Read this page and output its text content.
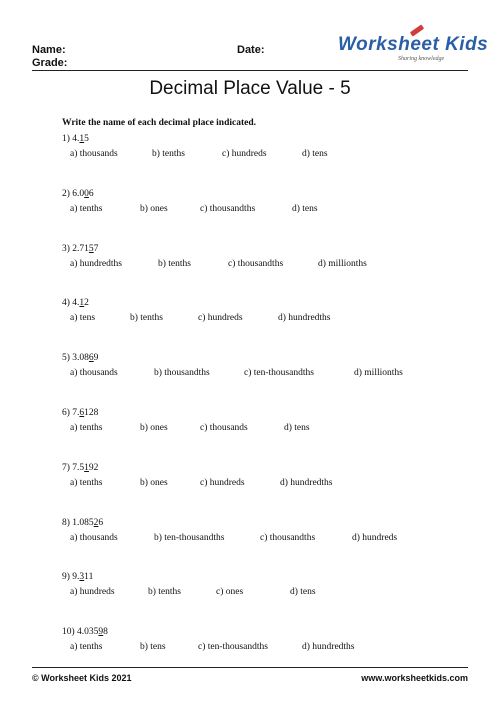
Name:	Date:
Grade:
Worksheet Kids
Sharing knowledge
Decimal Place Value - 5
Write the name of each decimal place indicated.
1) 4.15
a) thousands	b) tenths	c) hundreds	d) tens
2) 6.006
a) tenths	b) ones	c) thousandths	d) tens
3) 2.7157
a) hundredths	b) tenths	c) thousandths	d) millionths
4) 4.12
a) tens	b) tenths	c) hundreds	d) hundredths
5) 3.0869
a) thousands	b) thousandths	c) ten-thousandths	d) millionths
6) 7.6128
a) tenths	b) ones	c) thousands	d) tens
7) 7.5192
a) tenths	b) ones	c) hundreds	d) hundredths
8) 1.08526
a) thousands	b) ten-thousandths	c) thousandths	d) hundreds
9) 9.311
a) hundreds	b) tenths	c) ones	d) tens
10) 4.03598
a) tenths	b) tens	c) ten-thousandths	d) hundredths
© Worksheet Kids 2021	www.worksheetkids.com
